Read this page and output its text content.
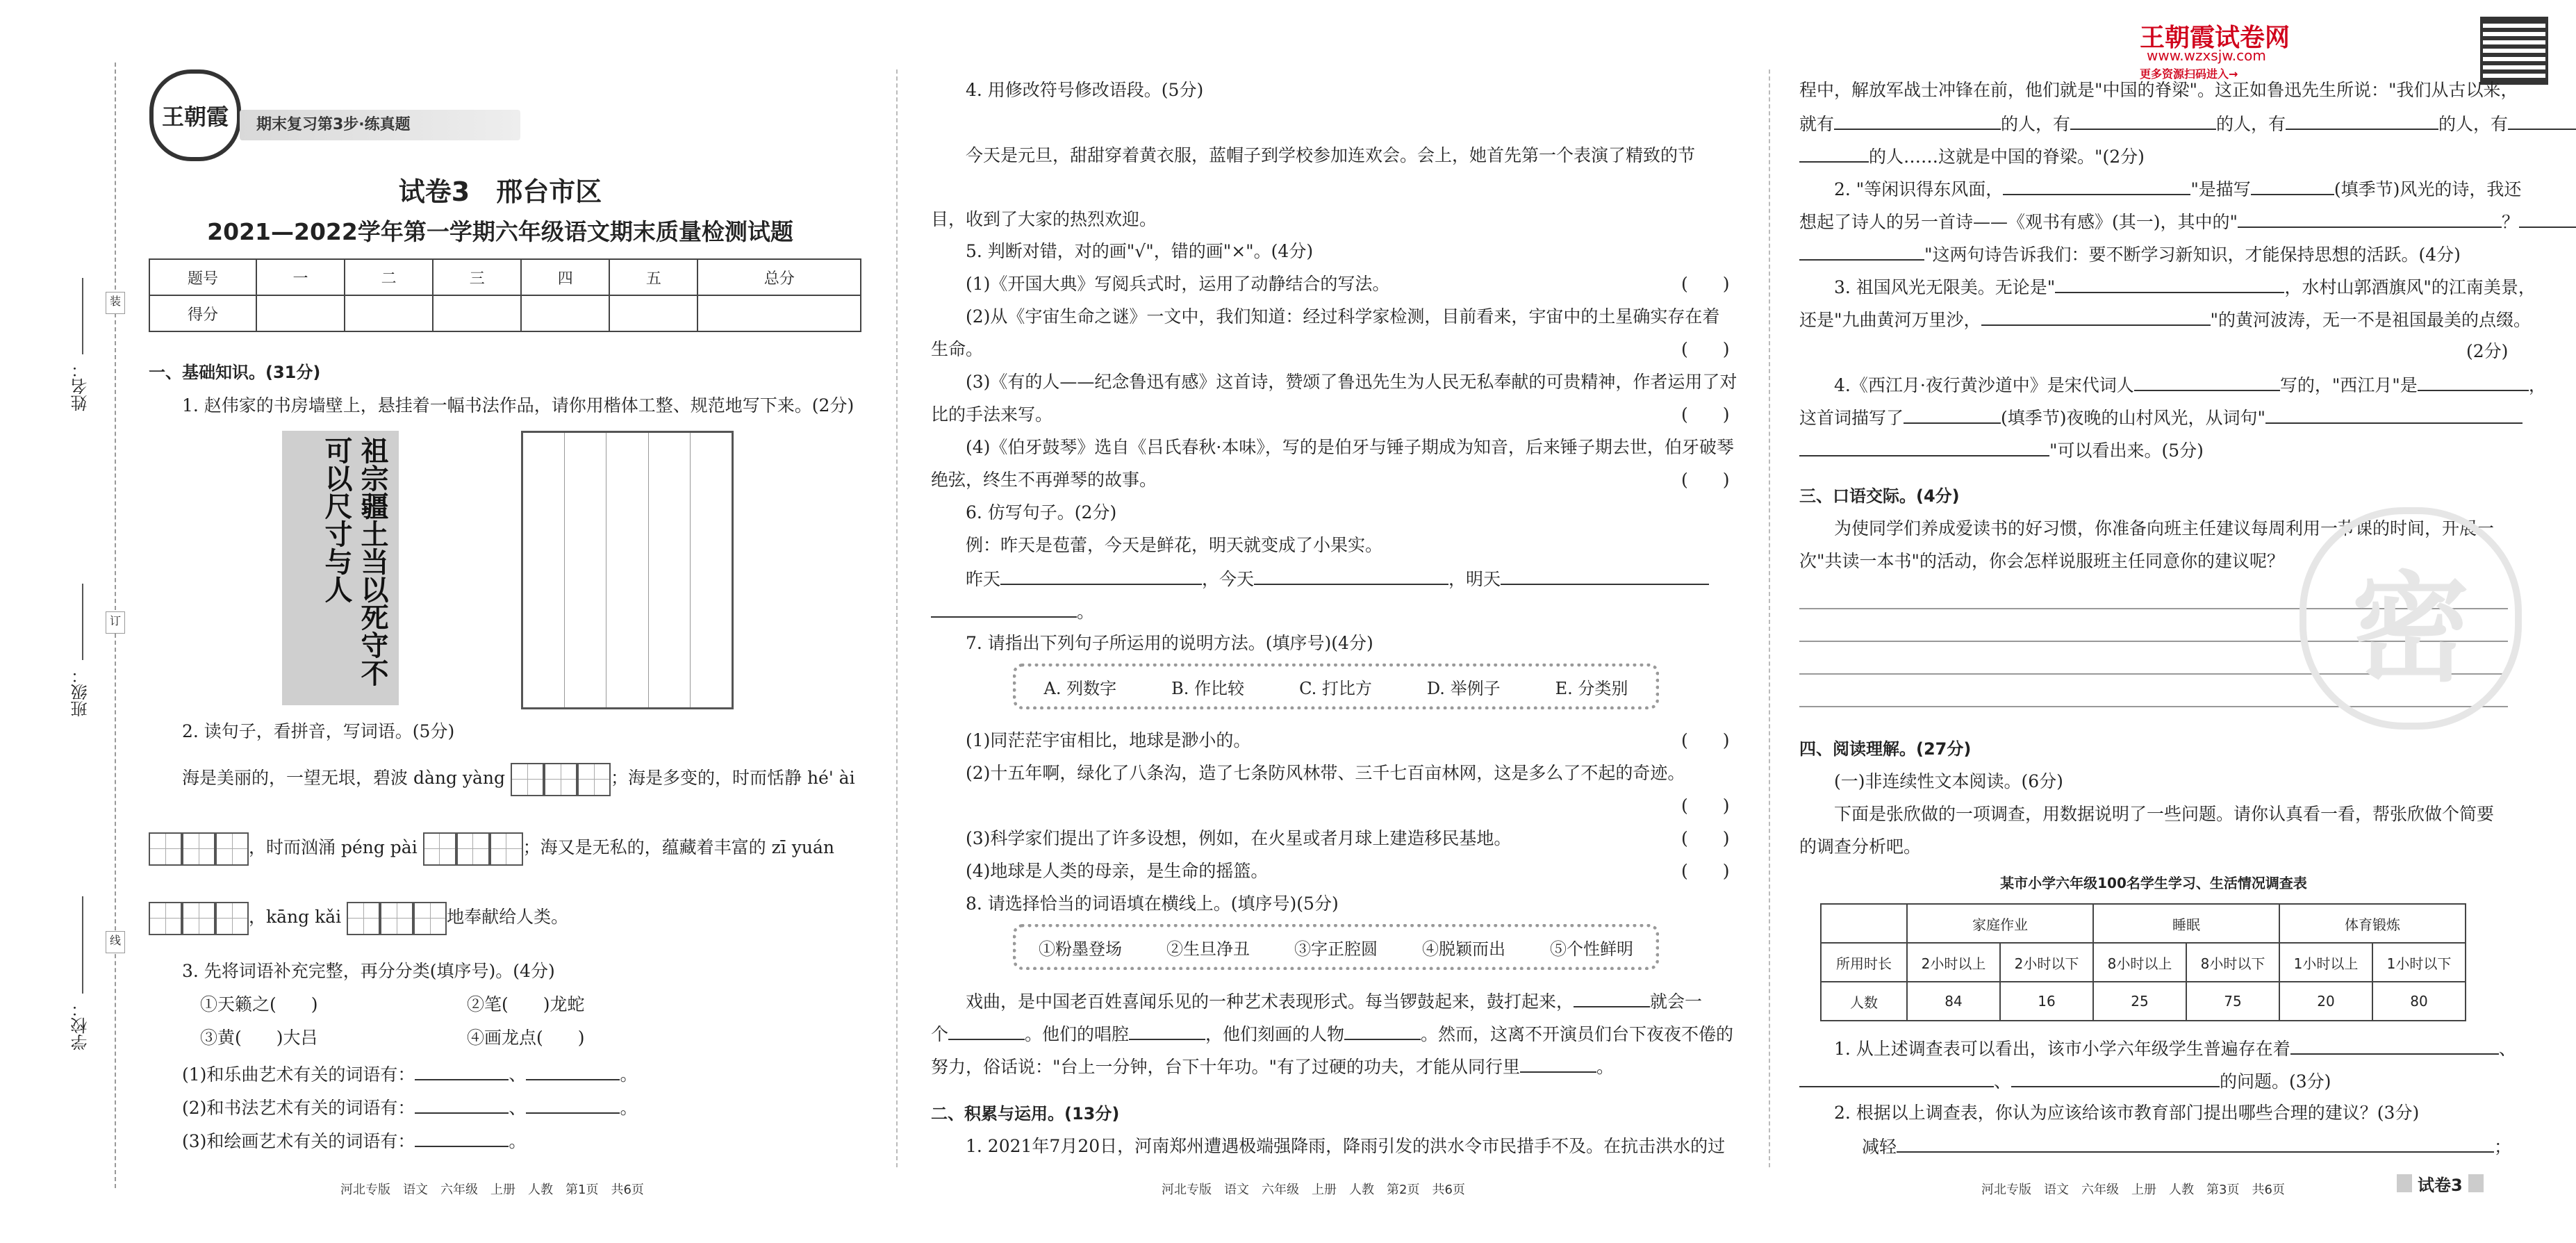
王朝霞	期末复习第3步·练真题
试卷3　邢台市区
2021—2022学年第一学期六年级语文期末质量检测试题
题号	一	二	三	四	五	总分
得分						
装
订
线
姓名：
班级：
学校：
一、基础知识。(31分)
1. 赵伟家的书房墙壁上，悬挂着一幅书法作品，请你用楷体工整、规范地写下来。(2分)
祖宗疆土当以死守不可以尺寸与人
2. 读句子，看拼音，写词语。(5分)
海是美丽的，一望无垠，碧波 dàng yàng	；海是多变的，时而恬静 hé' ài
，时而汹涌 péng pài	；海又是无私的，蕴藏着丰富的 zī yuán
，kāng kǎi	地奉献给人类。
3. 先将词语补充完整，再分分类(填序号)。(4分)
①天籁之(　　)	②笔(　　)龙蛇
③黄(　　)大吕	④画龙点(　　)
(1)和乐曲艺术有关的词语有：	、	。
(2)和书法艺术有关的词语有：	、	。
(3)和绘画艺术有关的词语有：	。
河北专版　语文　六年级　上册　人教　第1页　共6页
4. 用修改符号修改语段。(5分)
今天是元旦，甜甜穿着黄衣服，蓝帽子到学校参加连欢会。会上，她首先第一个表演了精致的节
目，收到了大家的热烈欢迎。
5. 判断对错，对的画"√"，错的画"×"。(4分)
(1)《开国大典》写阅兵式时，运用了动静结合的写法。	(　　)
(2)从《宇宙生命之谜》一文中，我们知道：经过科学家检测，目前看来，宇宙中的土星确实存在着
生命。	(　　)
(3)《有的人——纪念鲁迅有感》这首诗，赞颂了鲁迅先生为人民无私奉献的可贵精神，作者运用了对
比的手法来写。	(　　)
(4)《伯牙鼓琴》选自《吕氏春秋·本味》，写的是伯牙与锤子期成为知音，后来锤子期去世，伯牙破琴
绝弦，终生不再弹琴的故事。	(　　)
6. 仿写句子。(2分)
例：昨天是苞蕾，今天是鲜花，明天就变成了小果实。
昨天	，今天	，明天
。
7. 请指出下列句子所运用的说明方法。(填序号)(4分)
A. 列数字	B. 作比较	C. 打比方	D. 举例子	E. 分类别
(1)同茫茫宇宙相比，地球是渺小的。	(　　)
(2)十五年啊，绿化了八条沟，造了七条防风林带、三千七百亩林网，这是多么了不起的奇迹。
(　　)
(3)科学家们提出了许多设想，例如，在火星或者月球上建造移民基地。	(　　)
(4)地球是人类的母亲，是生命的摇篮。	(　　)
8. 请选择恰当的词语填在横线上。(填序号)(5分)
①粉墨登场	②生旦净丑	③字正腔圆	④脱颖而出	⑤个性鲜明
戏曲，是中国老百姓喜闻乐见的一种艺术表现形式。每当锣鼓起来，鼓打起来，	就会一
个	。他们的唱腔	，他们刻画的人物	。然而，这离不开演员们台下夜夜不倦的
努力，俗话说："台上一分钟，台下十年功。"有了过硬的功夫，才能从同行里	。
二、积累与运用。(13分)
1. 2021年7月20日，河南郑州遭遇极端强降雨，降雨引发的洪水令市民措手不及。在抗击洪水的过
河北专版　语文　六年级　上册　人教　第2页　共6页
王朝霞试卷网
www.wzxsjw.com
更多资源扫码进入→
程中，解放军战士冲锋在前，他们就是"中国的脊梁"。这正如鲁迅先生所说："我们从古以来，
就有	的人，有	的人，有	的人，有
的人……这就是中国的脊梁。"(2分)
2. "等闲识得东风面，	"是描写	(填季节)风光的诗，我还
想起了诗人的另一首诗——《观书有感》(其一)，其中的"	？
"这两句诗告诉我们：要不断学习新知识，才能保持思想的活跃。(4分)
3. 祖国风光无限美。无论是"	，水村山郭酒旗风"的江南美景，
还是"九曲黄河万里沙，	"的黄河波涛，无一不是祖国最美的点缀。
(2分)
4.《西江月·夜行黄沙道中》是宋代词人	写的，"西江月"是	，
这首词描写了	(填季节)夜晚的山村风光，从词句"
"可以看出来。(5分)
三、口语交际。(4分)
为使同学们养成爱读书的好习惯，你准备向班主任建议每周利用一节课的时间，开展一
次"共读一本书"的活动，你会怎样说服班主任同意你的建议呢？ 密
四、阅读理解。(27分)
(一)非连续性文本阅读。(6分)
下面是张欣做的一项调查，用数据说明了一些问题。请你认真看一看，帮张欣做个简要
的调查分析吧。
某市小学六年级100名学生学习、生活情况调查表
	家庭作业		睡眠		体育锻炼	
所用时长	2小时以上	2小时以下	8小时以上	8小时以下	1小时以上	1小时以下
人数	84	16	25	75	20	80
1. 从上述调查表可以看出，该市小学六年级学生普遍存在着	、
、	的问题。(3分)
2. 根据以上调查表，你认为应该给该市教育部门提出哪些合理的建议？(3分)
减轻	；
河北专版　语文　六年级　上册　人教　第3页　共6页	试卷3
